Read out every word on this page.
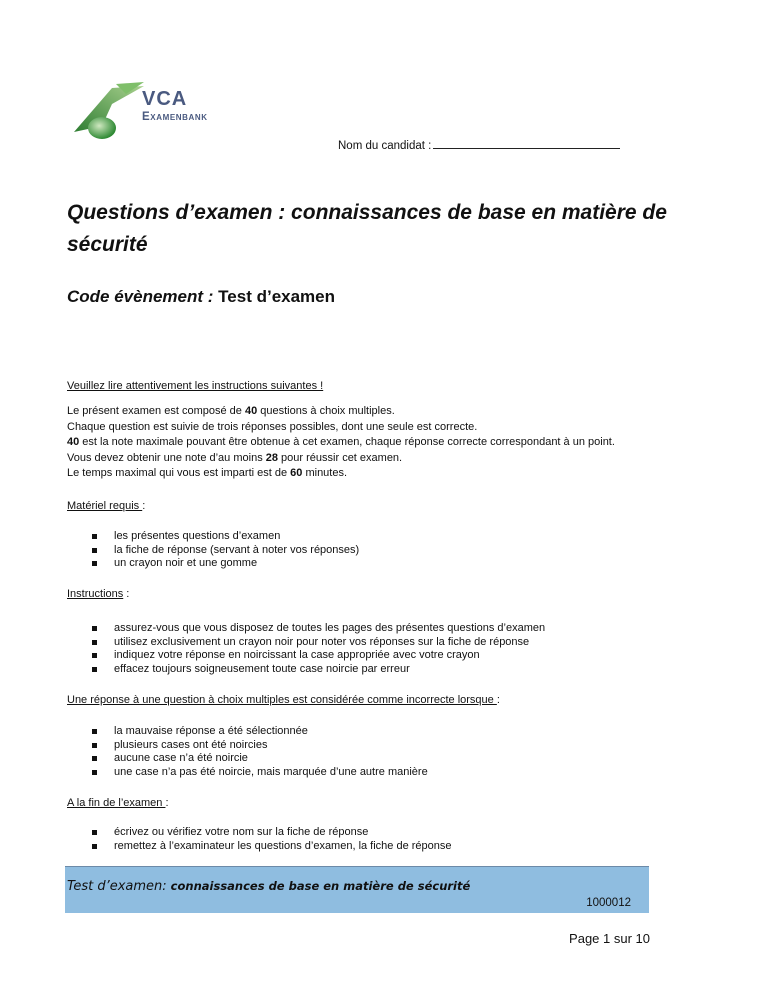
VCA
Examenbank
Nom du candidat :
Questions d’examen : connaissances de base en matière de sécurité
Code évènement : Test d’examen
Veuillez lire attentivement les instructions suivantes !
Le présent examen est composé de 40 questions à choix multiples.
Chaque question est suivie de trois réponses possibles, dont une seule est correcte.
40 est la note maximale pouvant être obtenue à cet examen, chaque réponse correcte correspondant à un point.
Vous devez obtenir une note d’au moins 28 pour réussir cet examen.
Le temps maximal qui vous est imparti est de 60 minutes.
Matériel requis :
les présentes questions d’examen
la fiche de réponse (servant à noter vos réponses)
un crayon noir et une gomme
Instructions :
assurez-vous que vous disposez de toutes les pages des présentes questions d’examen
utilisez exclusivement un crayon noir pour noter vos réponses sur la fiche de réponse
indiquez votre réponse en noircissant la case appropriée avec votre crayon
effacez toujours soigneusement toute case noircie par erreur
Une réponse à une question à choix multiples est considérée comme incorrecte lorsque :
la mauvaise réponse a été sélectionnée
plusieurs cases ont été noircies
aucune case n’a été noircie
une case n’a pas été noircie, mais marquée d’une autre manière
A la fin de l’examen :
écrivez ou vérifiez votre nom sur la fiche de réponse
remettez à l’examinateur les questions d’examen, la fiche de réponse
Test d’examen: connaissances de base en matière de sécurité
1000012
Page 1 sur 10
